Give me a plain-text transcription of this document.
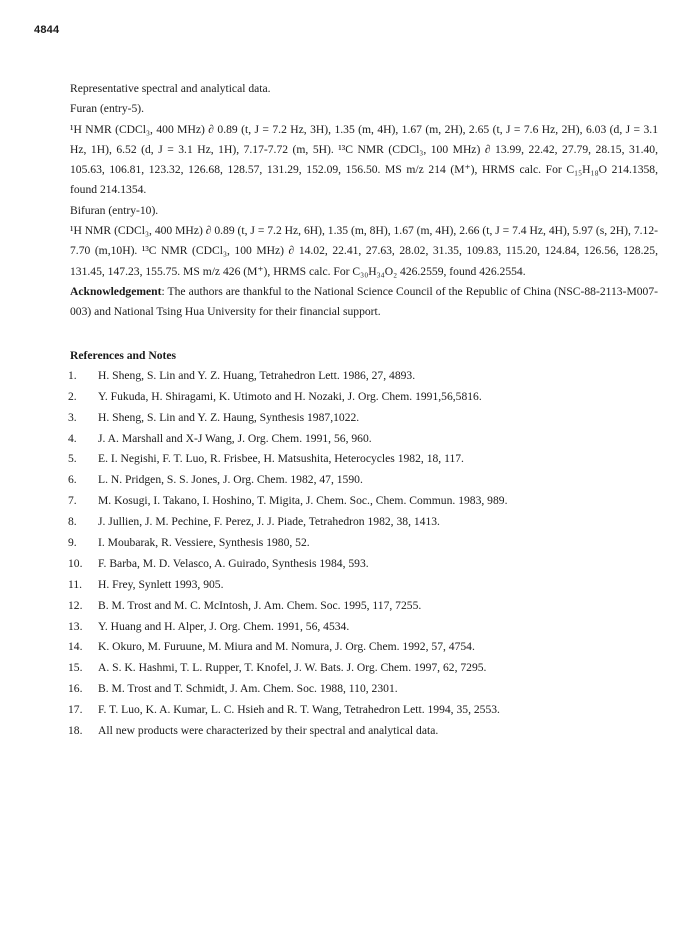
4844

Representative spectral and analytical data.

Furan (entry-5).

¹H NMR (CDCl₃, 400 MHz) ∂ 0.89 (t, J = 7.2 Hz, 3H), 1.35 (m, 4H), 1.67 (m, 2H), 2.65 (t, J = 7.6 Hz, 2H), 6.03 (d, J = 3.1 Hz, 1H), 6.52 (d, J = 3.1 Hz, 1H), 7.17-7.72 (m, 5H). ¹³C NMR (CDCl₃, 100 MHz) ∂ 13.99, 22.42, 27.79, 28.15, 31.40, 105.63, 106.81, 123.32, 126.68, 128.57, 131.29, 152.09, 156.50. MS m/z 214 (M⁺), HRMS calc. For C₁₅H₁₈O 214.1358, found 214.1354.

Bifuran (entry-10).

¹H NMR (CDCl₃, 400 MHz) ∂ 0.89 (t, J = 7.2 Hz, 6H), 1.35 (m, 8H), 1.67 (m, 4H), 2.66 (t, J = 7.4 Hz, 4H), 5.97 (s, 2H), 7.12-7.70 (m,10H). ¹³C NMR (CDCl₃, 100 MHz) ∂ 14.02, 22.41, 27.63, 28.02, 31.35, 109.83, 115.20, 124.84, 126.56, 128.25, 131.45, 147.23, 155.75. MS m/z 426 (M⁺), HRMS calc. For C₃₀H₃₄O₂ 426.2559, found 426.2554.

Acknowledgement: The authors are thankful to the National Science Council of the Republic of China (NSC-88-2113-M007-003) and National Tsing Hua University for their financial support.

References and Notes

1.	H. Sheng, S. Lin and Y. Z. Huang, Tetrahedron Lett. 1986, 27, 4893.
2.	Y. Fukuda, H. Shiragami, K. Utimoto and H. Nozaki, J. Org. Chem. 1991,56,5816.
3.	H. Sheng, S. Lin and Y. Z. Haung, Synthesis 1987,1022.
4.	J. A. Marshall and X-J Wang, J. Org. Chem. 1991, 56, 960.
5.	E. I. Negishi, F. T. Luo, R. Frisbee, H. Matsushita, Heterocycles 1982, 18, 117.
6.	L. N. Pridgen, S. S. Jones, J. Org. Chem. 1982, 47, 1590.
7.	M. Kosugi, I. Takano, I. Hoshino, T. Migita, J. Chem. Soc., Chem. Commun. 1983, 989.
8.	J. Jullien, J. M. Pechine, F. Perez, J. J. Piade, Tetrahedron 1982, 38, 1413.
9.	I. Moubarak, R. Vessiere, Synthesis 1980, 52.
10.	F. Barba, M. D. Velasco, A. Guirado, Synthesis 1984, 593.
11.	H. Frey, Synlett 1993, 905.
12.	B. M. Trost and M. C. McIntosh, J. Am. Chem. Soc. 1995, 117, 7255.
13.	Y. Huang and H. Alper, J. Org. Chem. 1991, 56, 4534.
14.	K. Okuro, M. Furuune, M. Miura and M. Nomura, J. Org. Chem. 1992, 57, 4754.
15.	A. S. K. Hashmi, T. L. Rupper, T. Knofel, J. W. Bats. J. Org. Chem. 1997, 62, 7295.
16.	B. M. Trost and T. Schmidt, J. Am. Chem. Soc. 1988, 110, 2301.
17.	F. T. Luo, K. A. Kumar, L. C. Hsieh and R. T. Wang, Tetrahedron Lett. 1994, 35, 2553.
18.	All new products were characterized by their spectral and analytical data.
